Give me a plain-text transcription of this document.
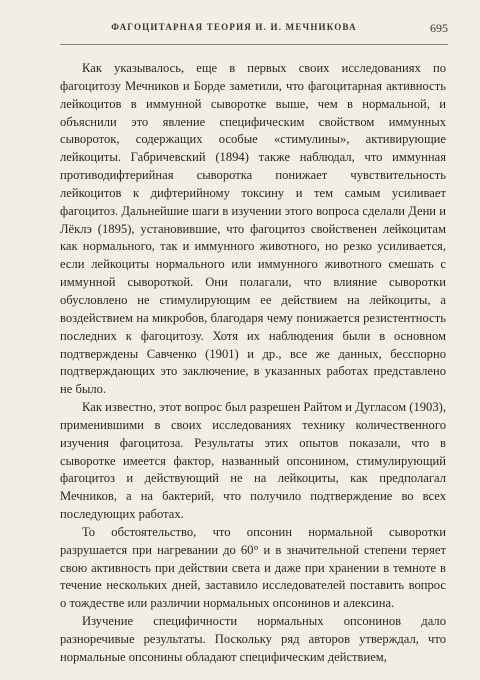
ФАГОЦИТАРНАЯ ТЕОРИЯ И. И. МЕЧНИКОВА	695

Как указывалось, еще в первых своих исследованиях по фагоцитозу Мечников и Борде заметили, что фагоцитарная активность лейкоцитов в иммунной сыворотке выше, чем в нормальной, и объяснили это явление специфическим свойством иммунных сывороток, содержащих особые «стимулины», активирующие лейкоциты. Габричевский (1894) также наблюдал, что иммунная противодифтерийная сыворотка понижает чувствительность лейкоцитов к дифтерийному токсину и тем самым усиливает фагоцитоз. Дальнейшие шаги в изучении этого вопроса сделали Дени и Лёклэ (1895), установившие, что фагоцитоз свойственен лейкоцитам как нормального, так и иммунного животного, но резко усиливается, если лейкоциты нормального или иммунного животного смешать с иммунной сывороткой. Они полагали, что влияние сыворотки обусловлено не стимулирующим ее действием на лейкоциты, а воздействием на микробов, благодаря чему понижается резистентность последних к фагоцитозу. Хотя их наблюдения были в основном подтверждены Савченко (1901) и др., все же данных, бесспорно подтверждающих это заключение, в указанных работах представлено не было.

Как известно, этот вопрос был разрешен Райтом и Дугласом (1903), применившими в своих исследованиях технику количественного изучения фагоцитоза. Результаты этих опытов показали, что в сыворотке имеется фактор, названный опсонином, стимулирующий фагоцитоз и действующий не на лейкоциты, как предполагал Мечников, а на бактерий, что получило подтверждение во всех последующих работах.

То обстоятельство, что опсонин нормальной сыворотки разрушается при нагревании до 60° и в значительной степени теряет свою активность при действии света и даже при хранении в темноте в течение нескольких дней, заставило исследователей поставить вопрос о тождестве или различии нормальных опсонинов и алексина.

Изучение специфичности нормальных опсонинов дало разноречивые результаты. Поскольку ряд авторов утверждал, что нормальные опсонины обладают специфическим действием,
